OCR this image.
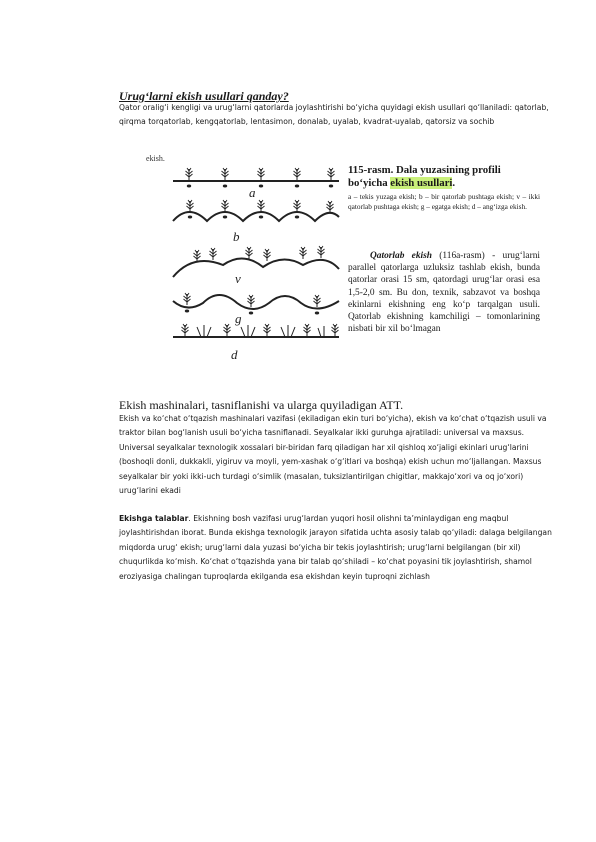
Urug‘larni ekish usullari qanday?
Qator oralig‘i kengligi va urug‘larni qatorlarda joylashtirishi bo‘yicha quyidagi ekish usullari qo‘llaniladi: qatorlab, qirqma torqatorlab, kengqatorlab, lentasimon, donalab, uyalab, kvadrat-uyalab, qatorsiz va sochib
ekish.
a
b
v
g
d
115-rasm. Dala yuzasining profili bo‘yicha ekish usullari.
a – tekis yuzaga ekish; b – bir qatorlab pushtaga ekish; v – ikki qatorlab pushtaga ekish; g – egatga ekish; d – ang‘izga ekish.
Qatorlab ekish (116a-rasm) - urug‘larni parallel qatorlarga uzluksiz tashlab ekish, bunda qatorlar orasi 15 sm, qatordagi urug‘lar orasi esa 1,5-2,0 sm. Bu don, texnik, sabzavot va boshqa ekinlarni ekishning eng ko‘p tarqalgan usuli. Qatorlab ekishning kamchiligi – tomonlarining nisbati bir xil bo‘lmagan
Ekish mashinalari, tasniflanishi va ularga quyiladigan ATT.
Ekish va ko‘chat o‘tqazish mashinalari vazifasi (ekiladigan ekin turi bo‘yicha), ekish va ko‘chat o‘tqazish usuli va traktor bilan bog‘lanish usuli bo‘yicha tasniflanadi. Seyalkalar ikki guruhga ajratiladi: universal va maxsus. Universal seyalkalar texnologik xossalari bir-biridan farq qiladigan har xil qishloq xo‘jaligi ekinlari urug‘larini (boshoqli donli, dukkakli, yigiruv va moyli, yem-xashak o‘g‘itlari va boshqa) ekish uchun mo‘ljallangan. Maxsus seyalkalar bir yoki ikki-uch turdagi o‘simlik (masalan, tuksizlantirilgan chigitlar, makkajo‘xori va oq jo‘xori) urug‘larini ekadi
Ekishga talablar. Ekishning bosh vazifasi urug‘lardan yuqori hosil olishni ta’minlaydigan eng maqbul joylashtirishdan iborat. Bunda ekishga texnologik jarayon sifatida uchta asosiy talab qo‘yiladi: dalaga belgilangan miqdorda urug‘ ekish; urug‘larni dala yuzasi bo‘yicha bir tekis joylashtirish; urug‘larni belgilangan (bir xil) chuqurlikda ko‘mish. Ko‘chat o‘tqazishda yana bir talab qo‘shiladi – ko‘chat poyasini tik joylashtirish, shamol eroziyasiga chalingan tuproqlarda ekilganda esa ekishdan keyin tuproqni zichlash
